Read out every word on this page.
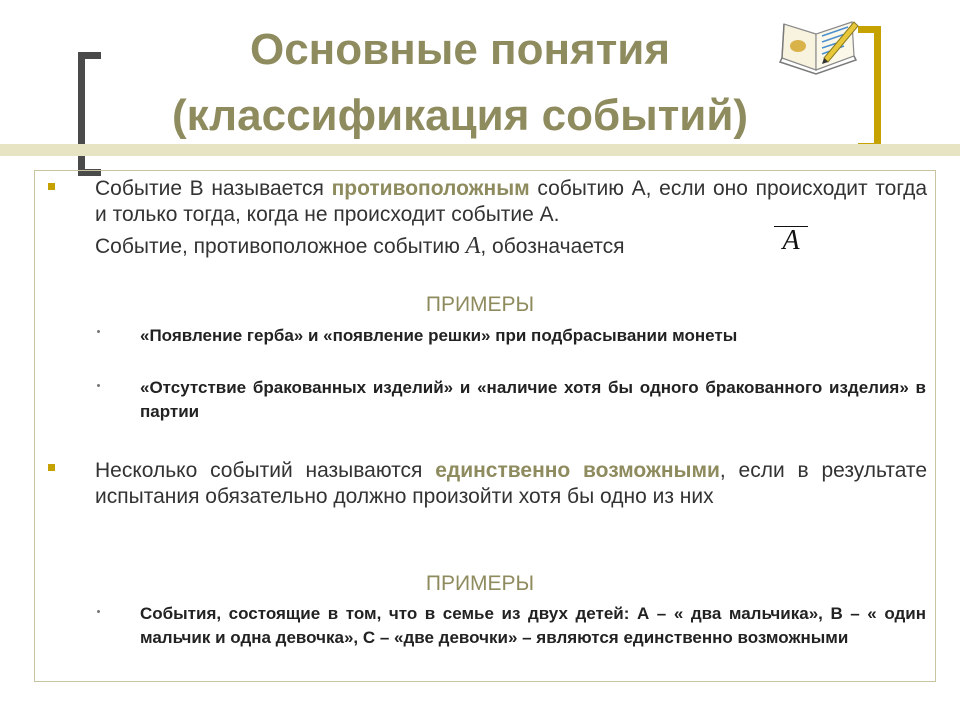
Основные понятия
(классификация событий)

Событие В называется противоположным событию А, если оно происходит тогда и только тогда, когда не происходит событие А.

Событие, противоположное событию А, обозначается	A

ПРИМЕРЫ

«Появление герба» и «появление решки» при подбрасывании монеты

«Отсутствие бракованных изделий» и «наличие хотя бы одного бракованного изделия» в партии

Несколько событий называются единственно возможными, если в результате испытания обязательно должно произойти хотя бы одно из них

ПРИМЕРЫ

События, состоящие в том, что в семье из двух детей: А – « два мальчика», В – « один мальчик и одна девочка», С – «две девочки» – являются единственно возможными
